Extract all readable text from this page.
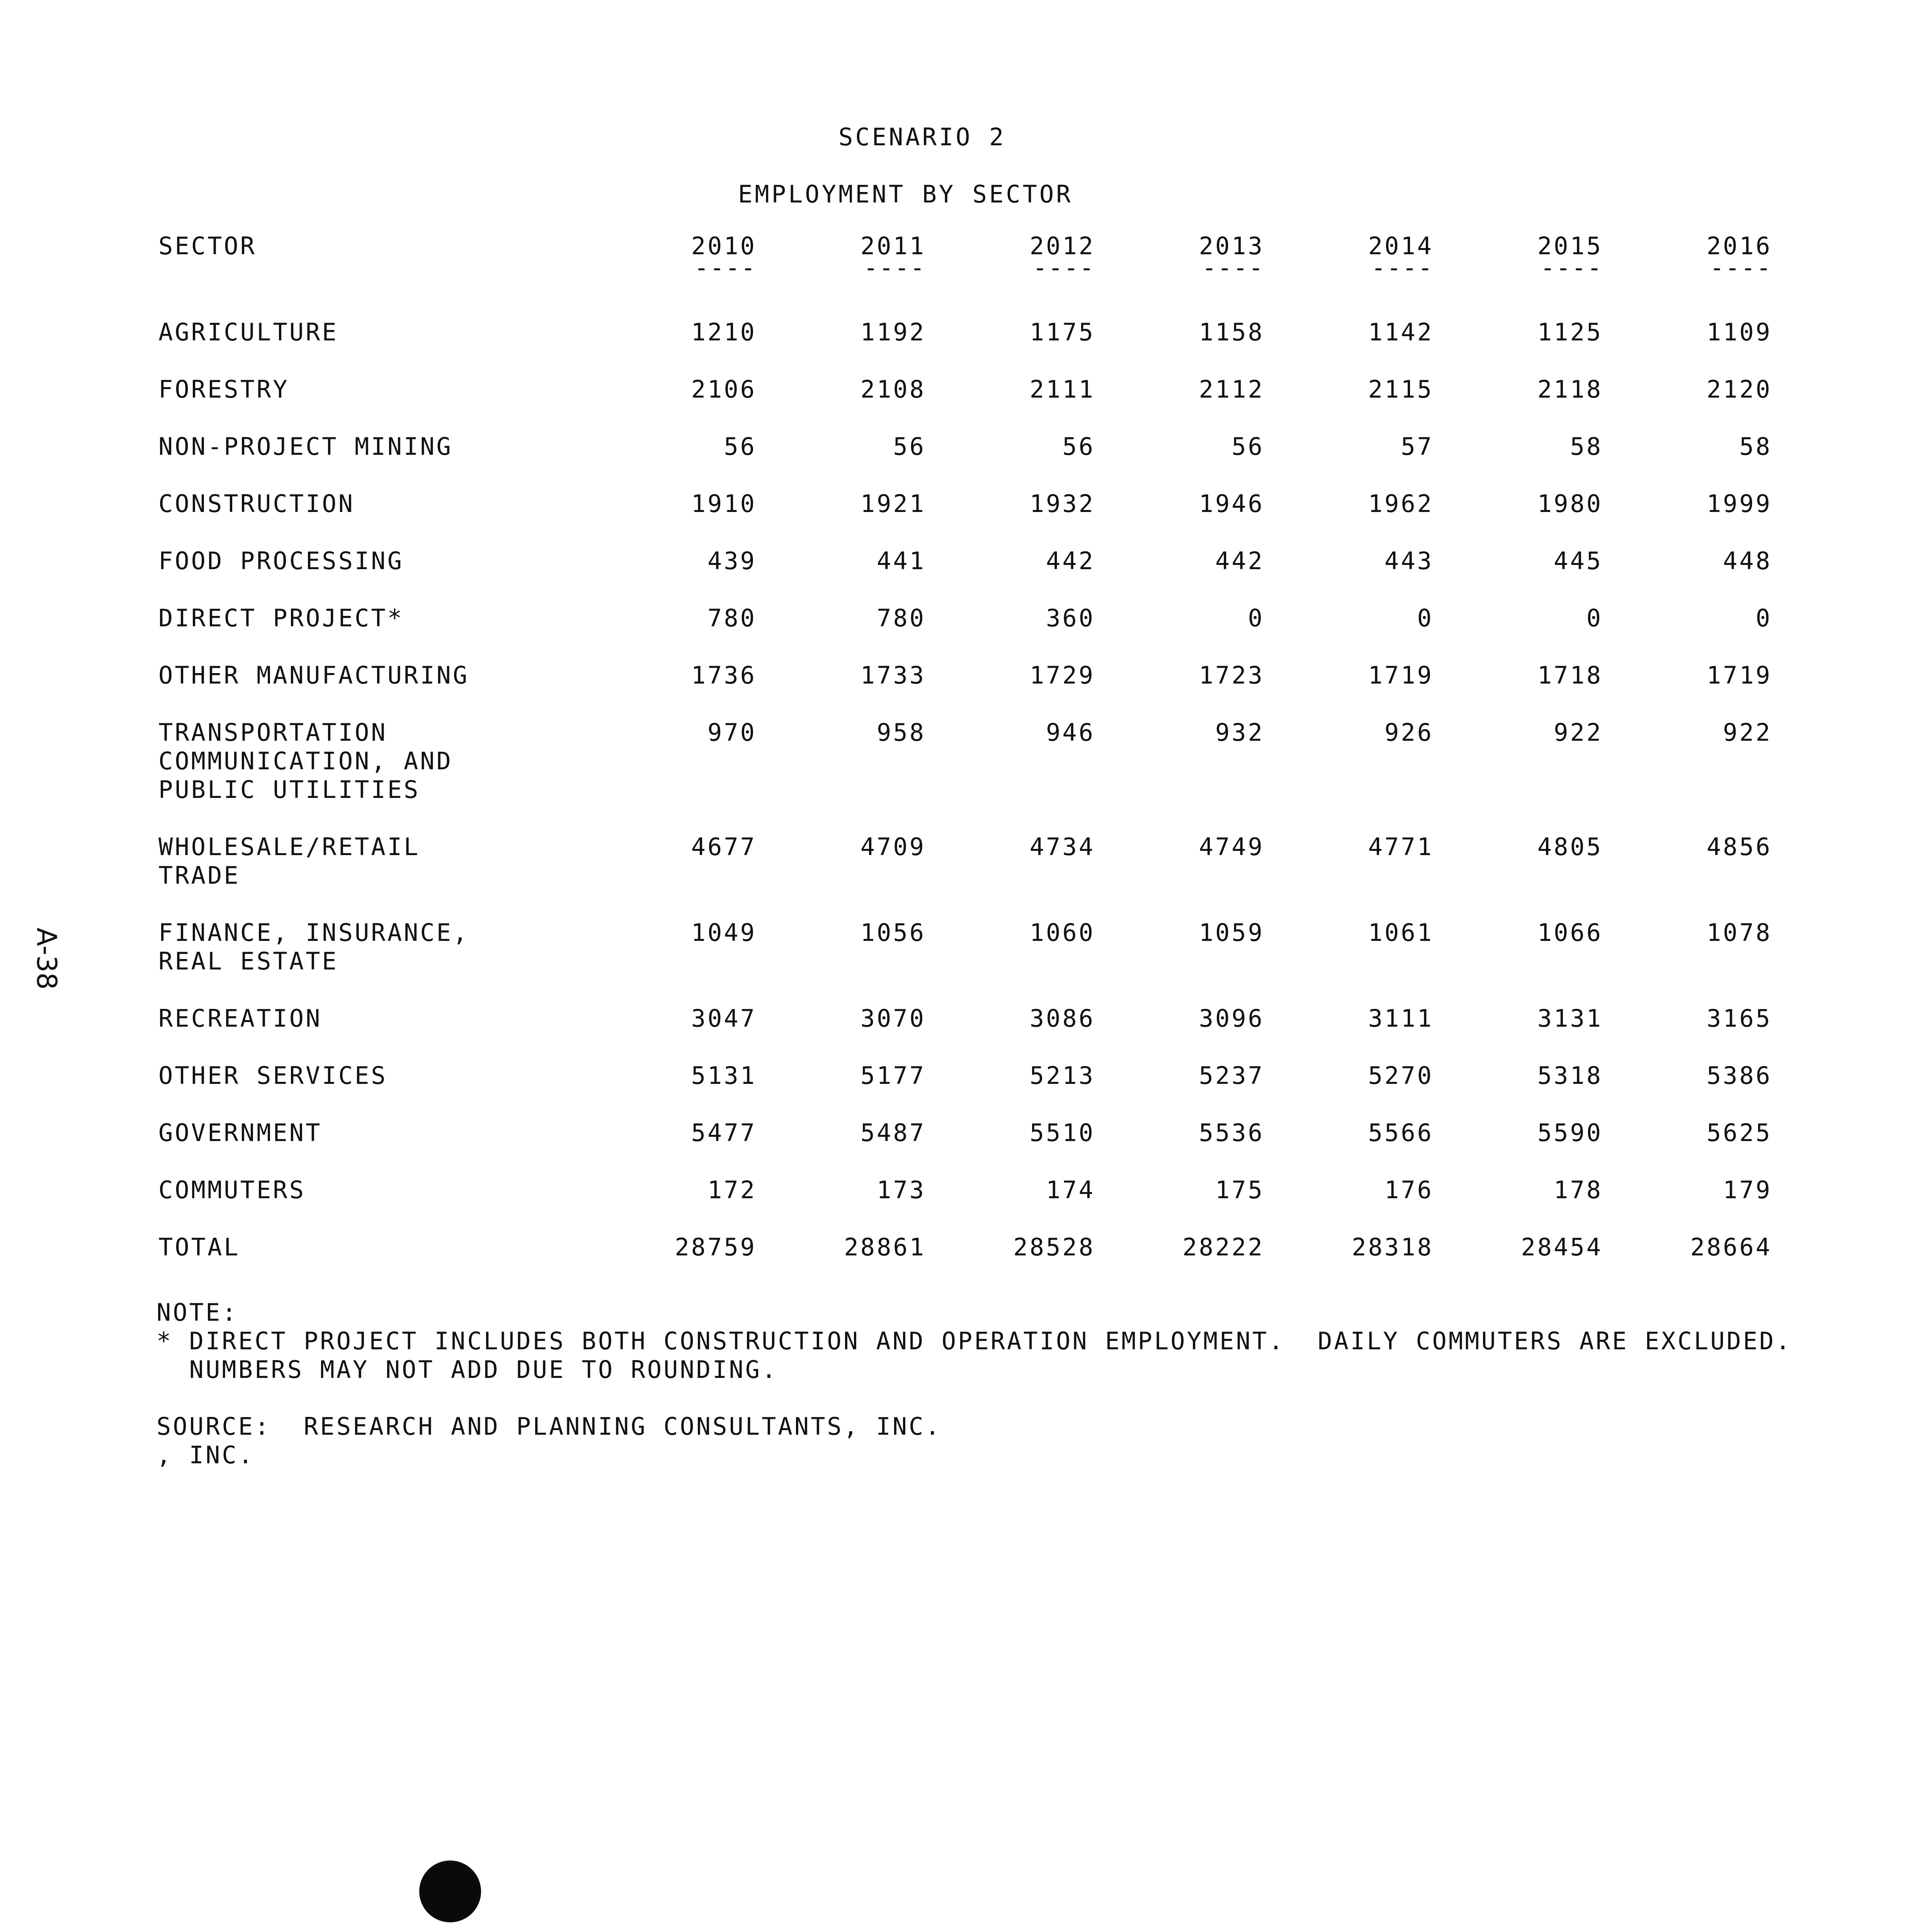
SCENARIO 2
EMPLOYMENT BY SECTOR
SECTOR	2010	2011	2012	2013	2014	2015	2016
	----	----	----	----	----	----	----
AGRICULTURE	1210	1192	1175	1158	1142	1125	1109
FORESTRY	2106	2108	2111	2112	2115	2118	2120
NON-PROJECT MINING	56	56	56	56	57	58	58
CONSTRUCTION	1910	1921	1932	1946	1962	1980	1999
FOOD PROCESSING	439	441	442	442	443	445	448
DIRECT PROJECT*	780	780	360	0	0	0	0
OTHER MANUFACTURING	1736	1733	1729	1723	1719	1718	1719
TRANSPORTATION
COMMUNICATION, AND
PUBLIC UTILITIES	970	958	946	932	926	922	922
WHOLESALE/RETAIL
TRADE	4677	4709	4734	4749	4771	4805	4856
FINANCE, INSURANCE,
REAL ESTATE	1049	1056	1060	1059	1061	1066	1078
RECREATION	3047	3070	3086	3096	3111	3131	3165
OTHER SERVICES	5131	5177	5213	5237	5270	5318	5386
GOVERNMENT	5477	5487	5510	5536	5566	5590	5625
COMMUTERS	172	173	174	175	176	178	179
TOTAL	28759	28861	28528	28222	28318	28454	28664
NOTE:
* DIRECT PROJECT INCLUDES BOTH CONSTRUCTION AND OPERATION EMPLOYMENT.  DAILY COMMUTERS ARE EXCLUDED.
NUMBERS MAY NOT ADD DUE TO ROUNDING.
SOURCE:  RESEARCH AND PLANNING CONSULTANTS, INC.
, INC.
A-38
